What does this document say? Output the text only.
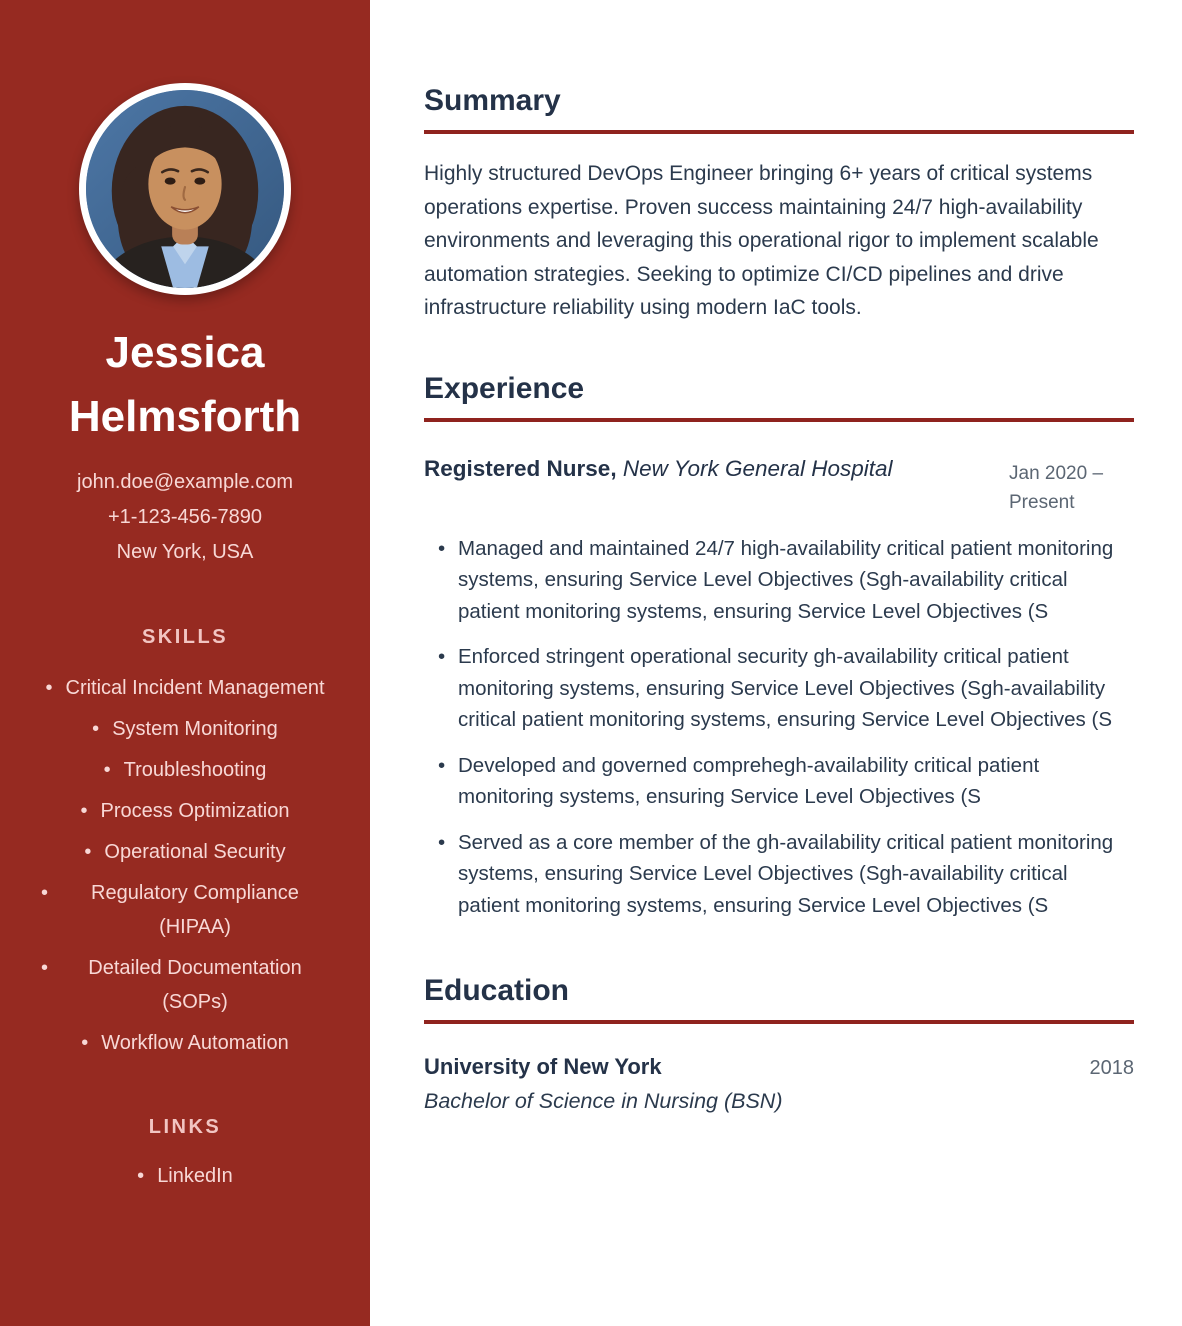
Jessica Helmsforth
john.doe@example.com
+1-123-456-7890
New York, USA
SKILLS
• Critical Incident Management
• System Monitoring
• Troubleshooting
• Process Optimization
• Operational Security
• Regulatory Compliance (HIPAA)
• Detailed Documentation (SOPs)
• Workflow Automation
LINKS
• LinkedIn
Summary

Highly structured DevOps Engineer bringing 6+ years of critical systems operations expertise. Proven success maintaining 24/7 high-availability environments and leveraging this operational rigor to implement scalable automation strategies. Seeking to optimize CI/CD pipelines and drive infrastructure reliability using modern IaC tools.

Experience
Registered Nurse, New York General Hospital	Jan 2020 – Present
• Managed and maintained 24/7 high-availability critical patient monitoring systems, ensuring Service Level Objectives (Sgh-availability critical patient monitoring systems, ensuring Service Level Objectives (S
• Enforced stringent operational security gh-availability critical patient monitoring systems, ensuring Service Level Objectives (Sgh-availability critical patient monitoring systems, ensuring Service Level Objectives (S
• Developed and governed comprehegh-availability critical patient monitoring systems, ensuring Service Level Objectives (S
• Served as a core member of the gh-availability critical patient monitoring systems, ensuring Service Level Objectives (Sgh-availability critical patient monitoring systems, ensuring Service Level Objectives (S
Education
University of New York	2018
Bachelor of Science in Nursing (BSN)
